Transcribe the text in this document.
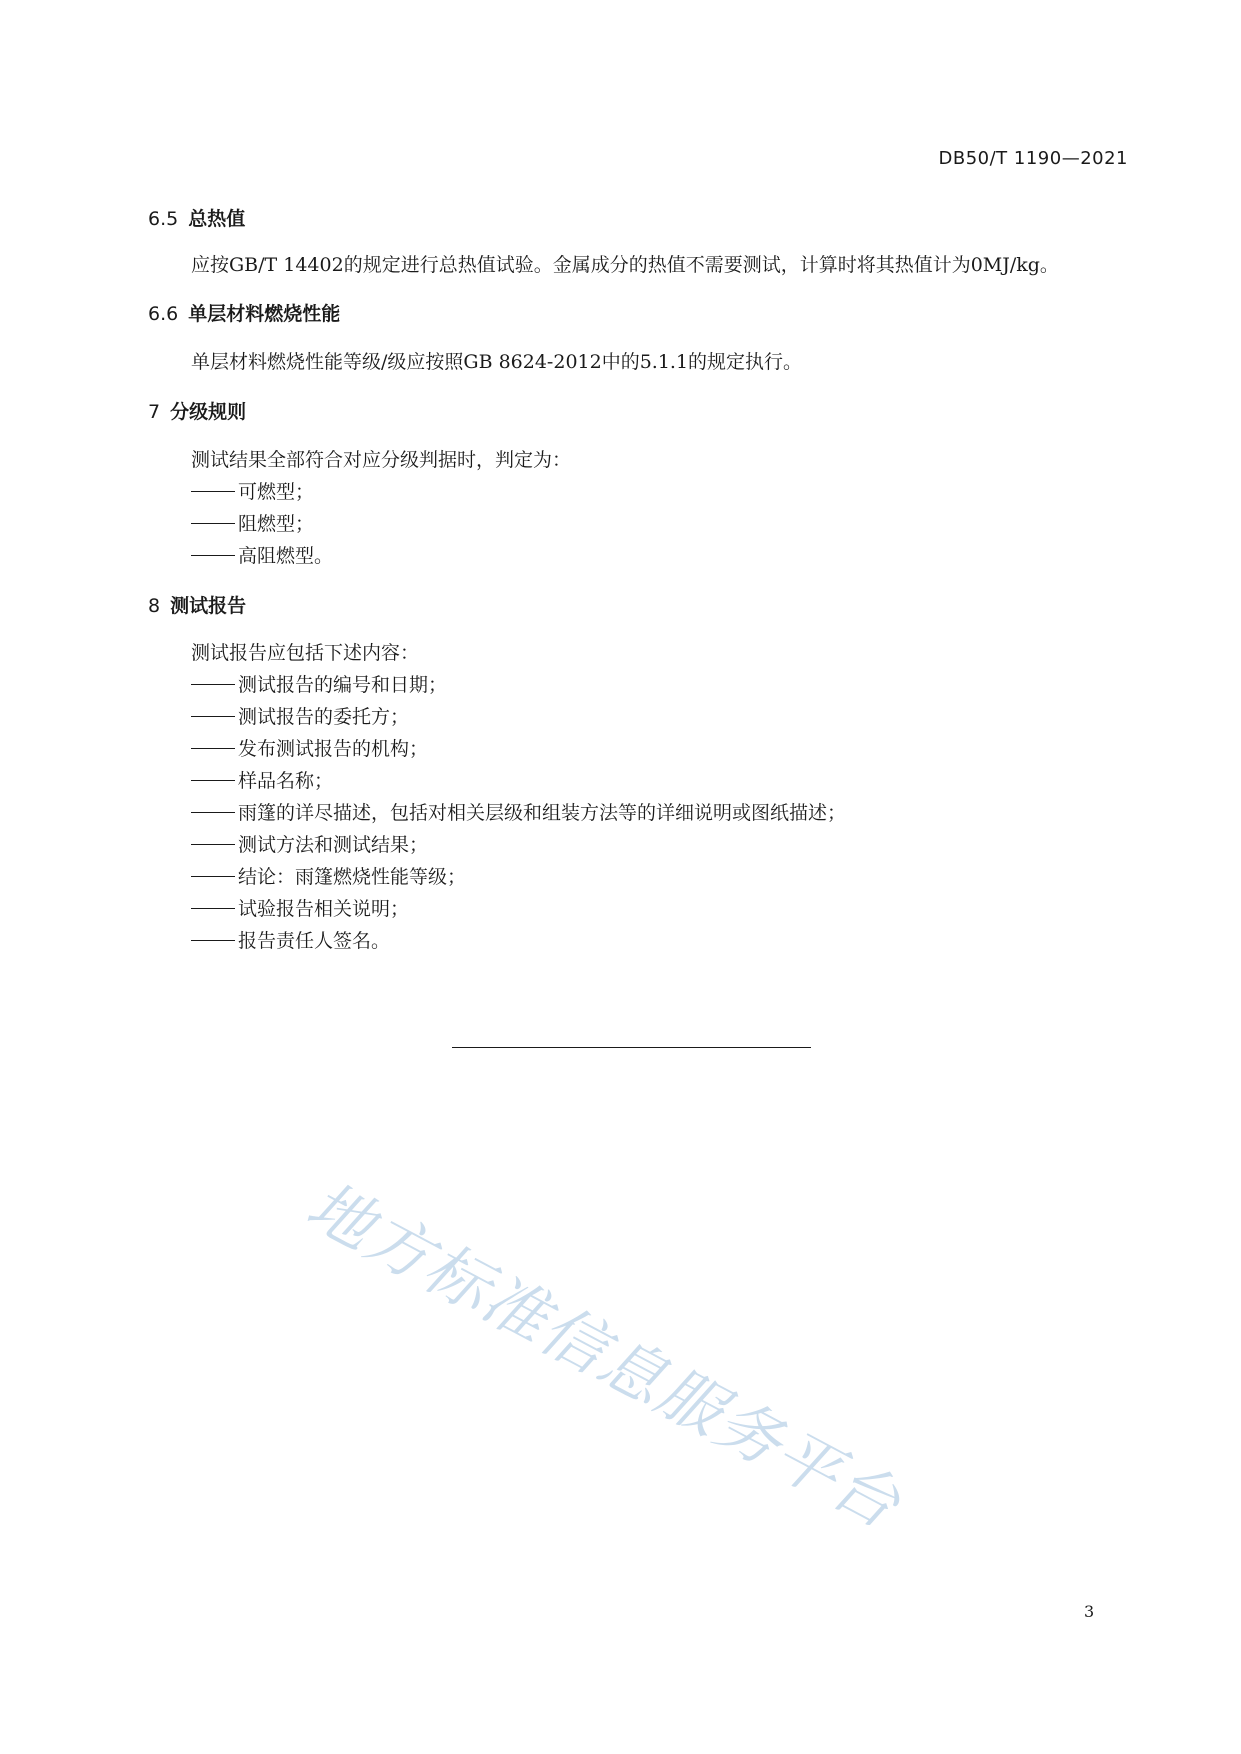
DB50/T 1190—2021
6.5 总热值
应按GB/T 14402的规定进行总热值试验。金属成分的热值不需要测试，计算时将其热值计为0MJ/kg。
6.6 单层材料燃烧性能
单层材料燃烧性能等级/级应按照GB 8624-2012中的5.1.1的规定执行。
7 分级规则
测试结果全部符合对应分级判据时，判定为：
可燃型；
阻燃型；
高阻燃型。
8 测试报告
测试报告应包括下述内容：
测试报告的编号和日期；
测试报告的委托方；
发布测试报告的机构；
样品名称；
雨篷的详尽描述，包括对相关层级和组装方法等的详细说明或图纸描述；
测试方法和测试结果；
结论：雨篷燃烧性能等级；
试验报告相关说明；
报告责任人签名。
地方标准信息服务平台
3
